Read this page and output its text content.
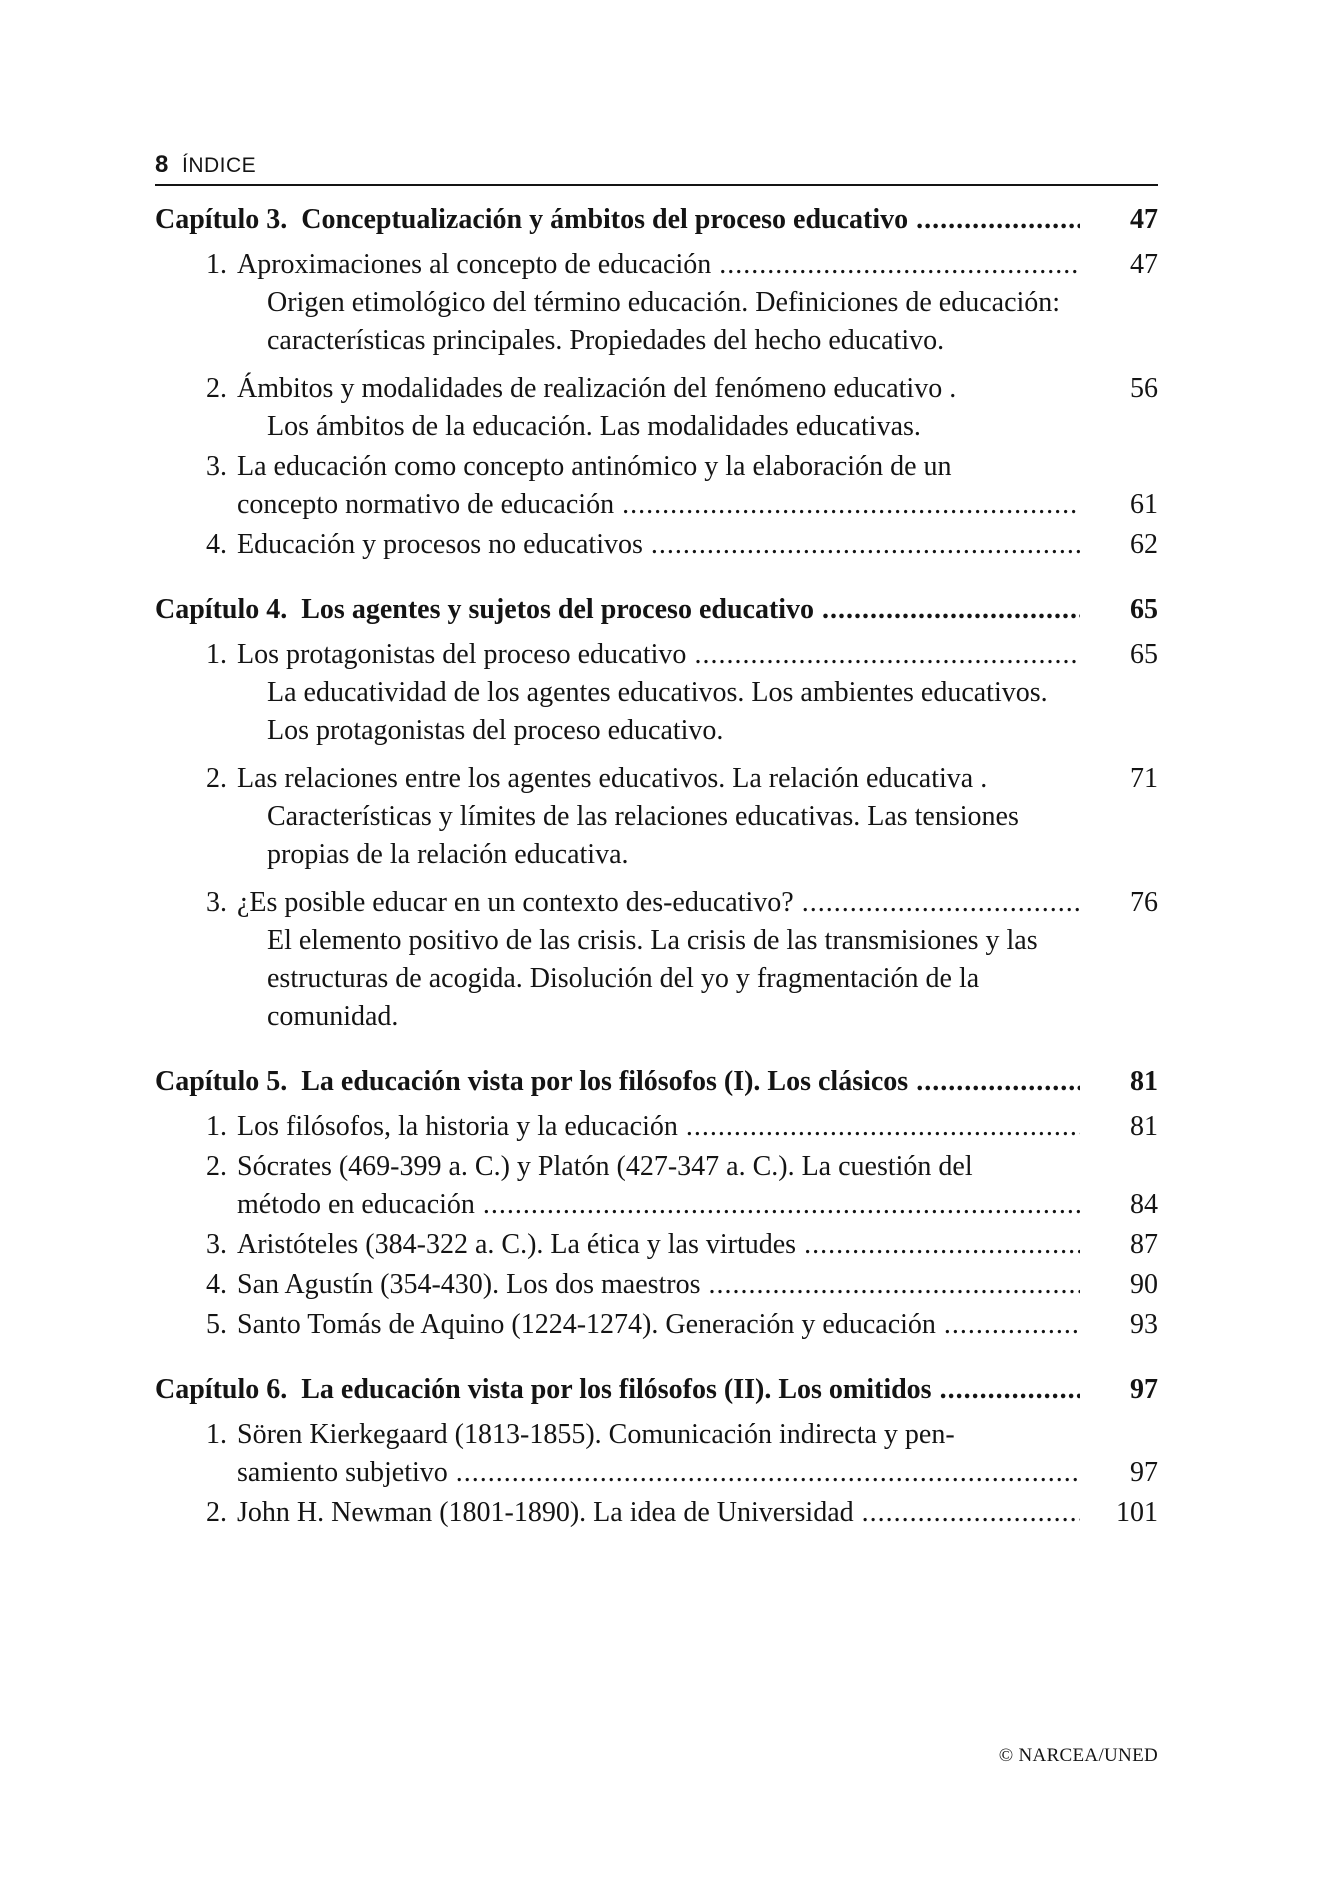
8 ÍNDICE
Capítulo 3. Conceptualización y ámbitos del proceso educativo .....	47
1. Aproximaciones al concepto de educación .....	47
Origen etimológico del término educación. Definiciones de educación: características principales. Propiedades del hecho educativo.
2. Ámbitos y modalidades de realización del fenómeno educativo .	56
Los ámbitos de la educación. Las modalidades educativas.
3. La educación como concepto antinómico y la elaboración de un
concepto normativo de educación .....	61
4. Educación y procesos no educativos .....	62
Capítulo 4. Los agentes y sujetos del proceso educativo .....	65
1. Los protagonistas del proceso educativo .....	65
La educatividad de los agentes educativos. Los ambientes educativos. Los protagonistas del proceso educativo.
2. Las relaciones entre los agentes educativos. La relación educativa .	71
Características y límites de las relaciones educativas. Las tensiones propias de la relación educativa.
3. ¿Es posible educar en un contexto des-educativo? .....	76
El elemento positivo de las crisis. La crisis de las transmisiones y las estructuras de acogida. Disolución del yo y fragmentación de la comunidad.
Capítulo 5. La educación vista por los filósofos (I). Los clásicos .....	81
1. Los filósofos, la historia y la educación .....	81
2. Sócrates (469-399 a. C.) y Platón (427-347 a. C.). La cuestión del
método en educación .....	84
3. Aristóteles (384-322 a. C.). La ética y las virtudes .....	87
4. San Agustín (354-430). Los dos maestros .....	90
5. Santo Tomás de Aquino (1224-1274). Generación y educación .....	93
Capítulo 6. La educación vista por los filósofos (II). Los omitidos .....	97
1. Sören Kierkegaard (1813-1855). Comunicación indirecta y pen-
samiento subjetivo .....	97
2. John H. Newman (1801-1890). La idea de Universidad .....	101
© NARCEA/UNED
